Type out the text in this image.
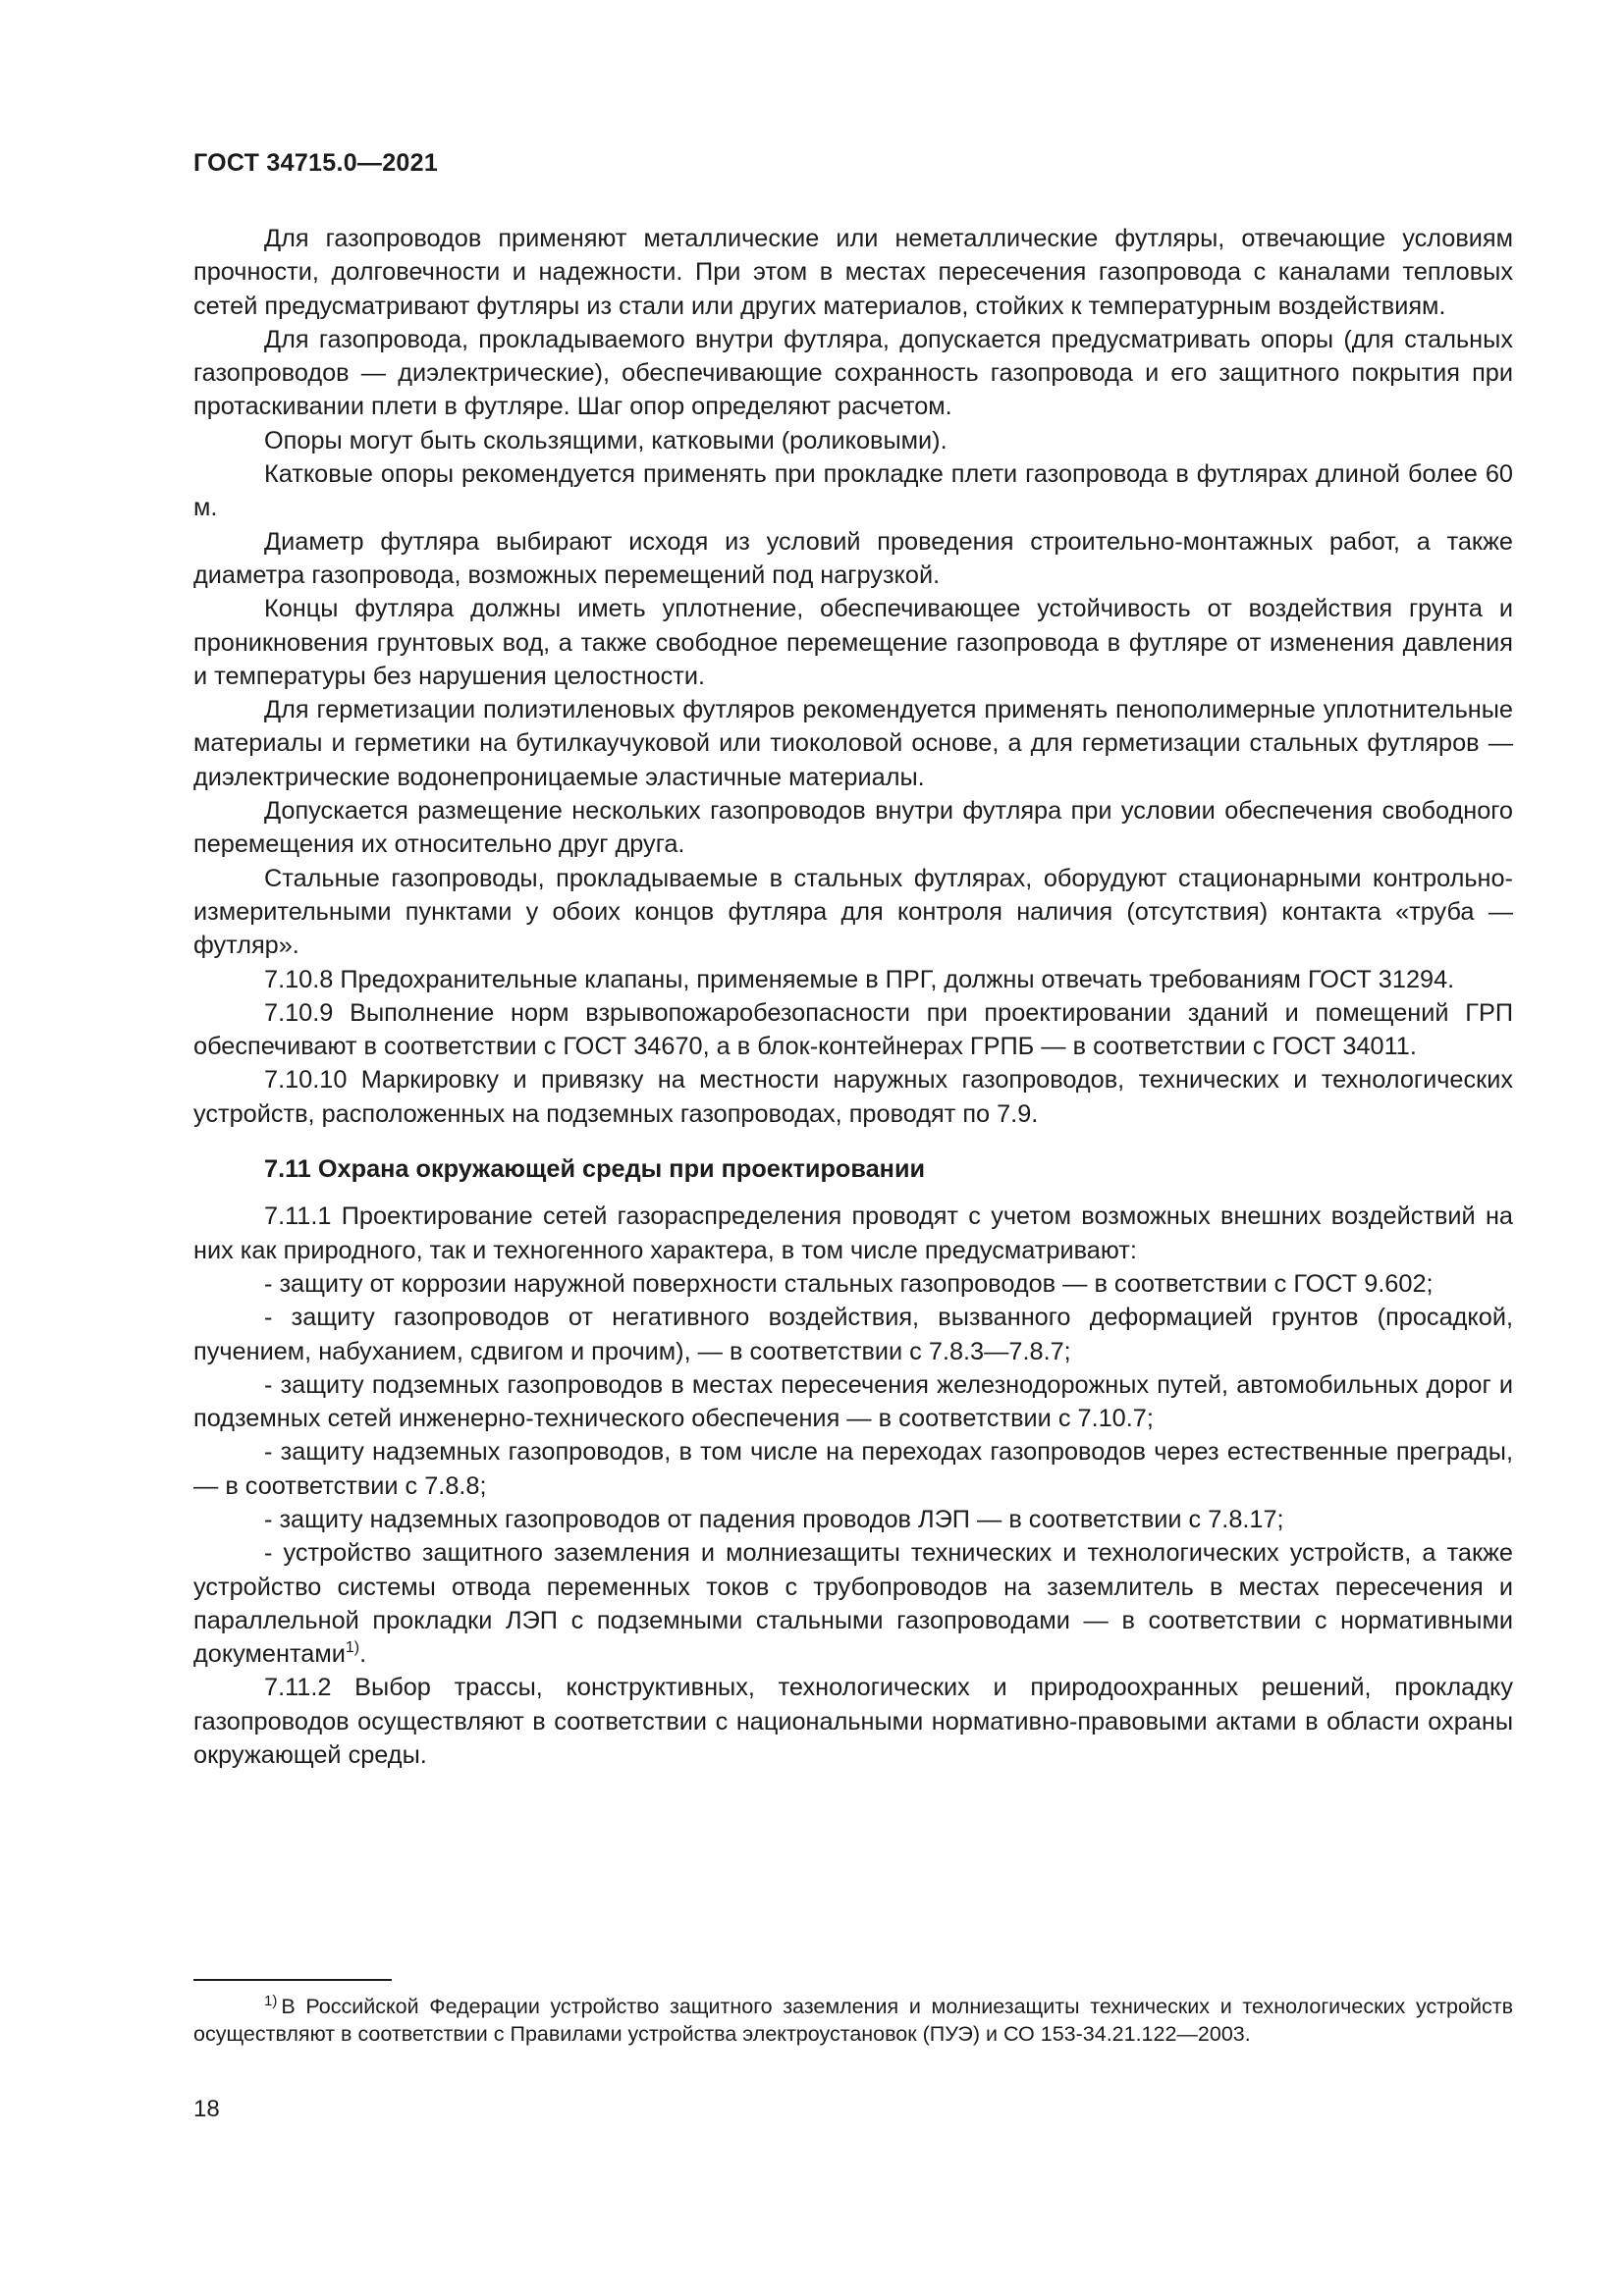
ГОСТ 34715.0—2021

Для газопроводов применяют металлические или неметаллические футляры, отвечающие условиям прочности, долговечности и надежности. При этом в местах пересечения газопровода с каналами тепловых сетей предусматривают футляры из стали или других материалов, стойких к температурным воздействиям.

Для газопровода, прокладываемого внутри футляра, допускается предусматривать опоры (для стальных газопроводов — диэлектрические), обеспечивающие сохранность газопровода и его защитного покрытия при протаскивании плети в футляре. Шаг опор определяют расчетом.

Опоры могут быть скользящими, катковыми (роликовыми).

Катковые опоры рекомендуется применять при прокладке плети газопровода в футлярах длиной более 60 м.

Диаметр футляра выбирают исходя из условий проведения строительно-монтажных работ, а также диаметра газопровода, возможных перемещений под нагрузкой.

Концы футляра должны иметь уплотнение, обеспечивающее устойчивость от воздействия грунта и проникновения грунтовых вод, а также свободное перемещение газопровода в футляре от изменения давления и температуры без нарушения целостности.

Для герметизации полиэтиленовых футляров рекомендуется применять пенополимерные уплотнительные материалы и герметики на бутилкаучуковой или тиоколовой основе, а для герметизации стальных футляров — диэлектрические водонепроницаемые эластичные материалы.

Допускается размещение нескольких газопроводов внутри футляра при условии обеспечения свободного перемещения их относительно друг друга.

Стальные газопроводы, прокладываемые в стальных футлярах, оборудуют стационарными контрольно-измерительными пунктами у обоих концов футляра для контроля наличия (отсутствия) контакта «труба — футляр».

7.10.8 Предохранительные клапаны, применяемые в ПРГ, должны отвечать требованиям ГОСТ 31294.

7.10.9 Выполнение норм взрывопожаробезопасности при проектировании зданий и помещений ГРП обеспечивают в соответствии с ГОСТ 34670, а в блок-контейнерах ГРПБ — в соответствии с ГОСТ 34011.

7.10.10 Маркировку и привязку на местности наружных газопроводов, технических и технологических устройств, расположенных на подземных газопроводах, проводят по 7.9.

7.11 Охрана окружающей среды при проектировании

7.11.1 Проектирование сетей газораспределения проводят с учетом возможных внешних воздействий на них как природного, так и техногенного характера, в том числе предусматривают:

- защиту от коррозии наружной поверхности стальных газопроводов — в соответствии с ГОСТ 9.602;

- защиту газопроводов от негативного воздействия, вызванного деформацией грунтов (просадкой, пучением, набуханием, сдвигом и прочим), — в соответствии с 7.8.3—7.8.7;

- защиту подземных газопроводов в местах пересечения железнодорожных путей, автомобильных дорог и подземных сетей инженерно-технического обеспечения — в соответствии с 7.10.7;

- защиту надземных газопроводов, в том числе на переходах газопроводов через естественные преграды, — в соответствии с 7.8.8;

- защиту надземных газопроводов от падения проводов ЛЭП — в соответствии с 7.8.17;

- устройство защитного заземления и молниезащиты технических и технологических устройств, а также устройство системы отвода переменных токов с трубопроводов на заземлитель в местах пересечения и параллельной прокладки ЛЭП с подземными стальными газопроводами — в соответствии с нормативными документами$^{1)}$.

7.11.2 Выбор трассы, конструктивных, технологических и природоохранных решений, прокладку газопроводов осуществляют в соответствии с национальными нормативно-правовыми актами в области охраны окружающей среды.

$^{1)}$ В Российской Федерации устройство защитного заземления и молниезащиты технических и технологических устройств осуществляют в соответствии с Правилами устройства электроустановок (ПУЭ) и СО 153-34.21.122—2003.

18
